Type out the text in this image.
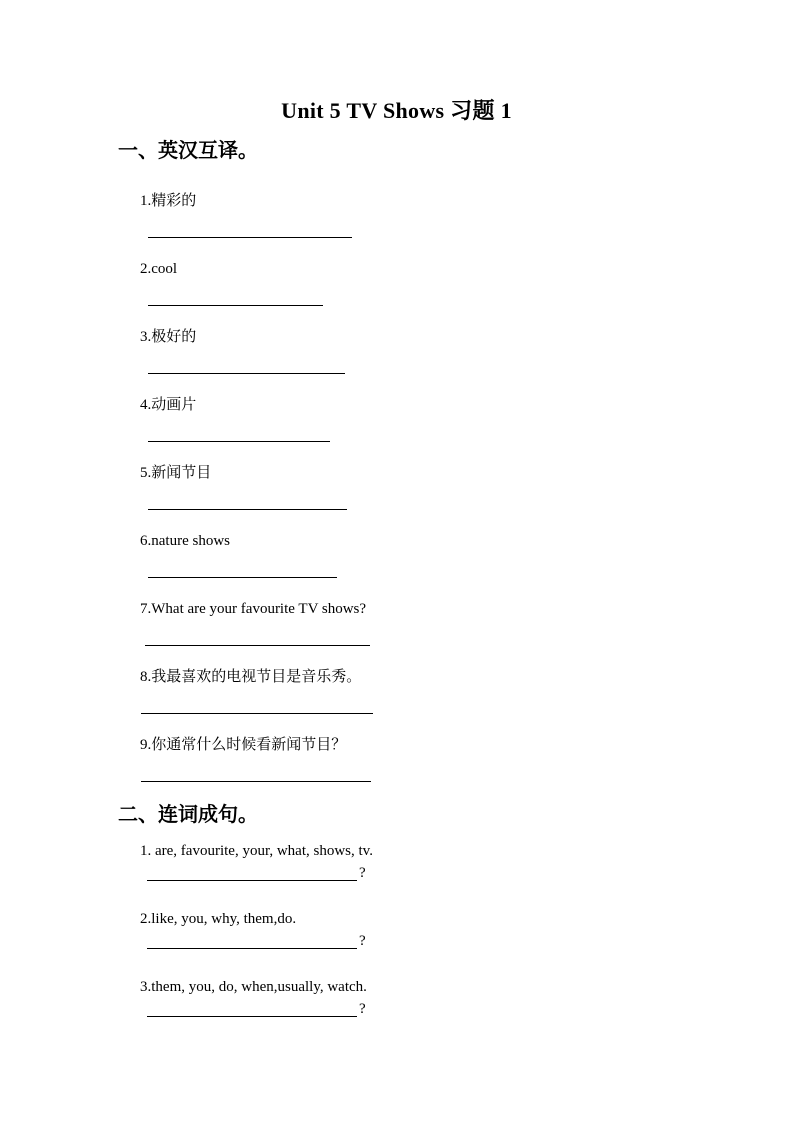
Unit 5 TV Shows 习题 1
一、英汉互译。
1.精彩的
2.cool
3.极好的
4.动画片
5.新闻节目
6.nature shows
7.What are your favourite TV shows?
8.我最喜欢的电视节目是音乐秀。
9.你通常什么时候看新闻节目？
二、连词成句。
1. are, favourite, your, what, shows, tv.
?
2.like, you, why, them,do.
?
3.them, you, do, when,usually, watch.
?
